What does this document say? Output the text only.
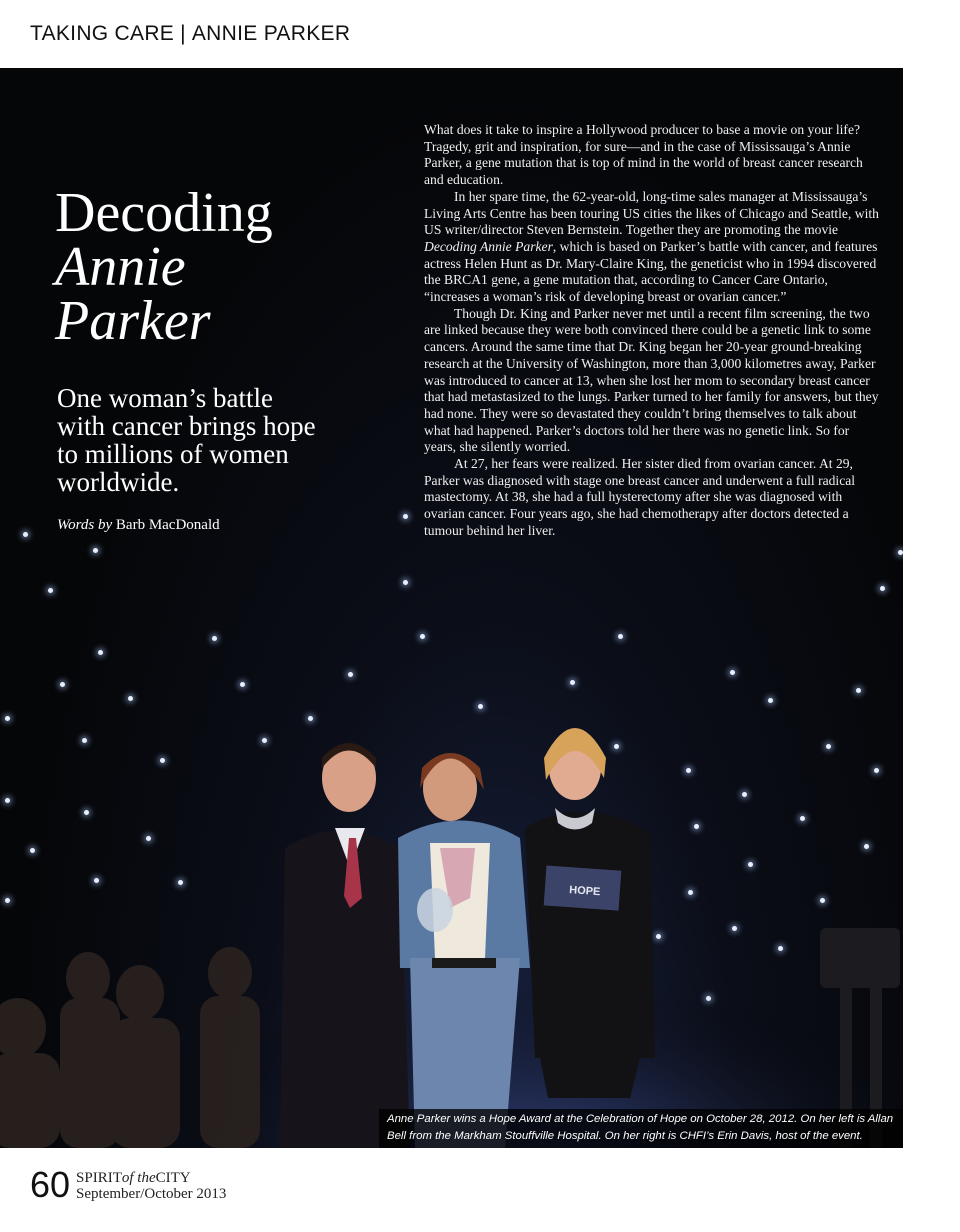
TAKING CARE | ANNIE PARKER
HOPE
Decoding
Annie
Parker
One woman’s battle with cancer brings hope to millions of women worldwide.
Words by Barb MacDonald

What does it take to inspire a Hollywood producer to base a movie on your life? Tragedy, grit and inspiration, for sure—and in the case of Mississauga’s Annie Parker, a gene mutation that is top of mind in the world of breast cancer research and education.

In her spare time, the 62-year-old, long-time sales manager at Mississauga’s Living Arts Centre has been touring US cities the likes of Chicago and Seattle, with US writer/director Steven Bernstein. Together they are promoting the movie Decoding Annie Parker, which is based on Parker’s battle with cancer, and features actress Helen Hunt as Dr. Mary-Claire King, the geneticist who in 1994 discovered the BRCA1 gene, a gene mutation that, according to Cancer Care Ontario, “increases a woman’s risk of developing breast or ovarian cancer.”

Though Dr. King and Parker never met until a recent film screening, the two are linked because they were both convinced there could be a genetic link to some cancers. Around the same time that Dr. King began her 20-year ground-breaking research at the University of Washington, more than 3,000 kilometres away, Parker was introduced to cancer at 13, when she lost her mom to secondary breast cancer that had metastasized to the lungs. Parker turned to her family for answers, but they had none. They were so devastated they couldn’t bring themselves to talk about what had happened. Parker’s doctors told her there was no genetic link. So for years, she silently worried.

At 27, her fears were realized. Her sister died from ovarian cancer. At 29, Parker was diagnosed with stage one breast cancer and underwent a full radical mastectomy. At 38, she had a full hysterectomy after she was diagnosed with ovarian cancer. Four years ago, she had chemotherapy after doctors detected a tumour behind her liver.

Anne Parker wins a Hope Award at the Celebration of Hope on October 28, 2012. On her left is Allan Bell from the Markham Stouffville Hospital. On her right is CHFI’s Erin Davis, host of the event.
60 SPIRITof theCITY
September/October 2013
